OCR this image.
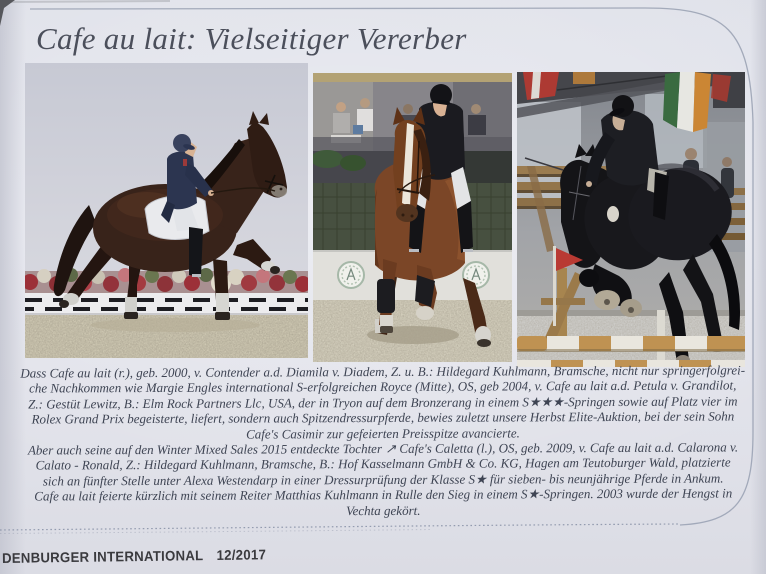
Cafe au lait: Vielseitiger Vererber
Dass Cafe au lait (r.), geb. 2000, v. Contender a.d. Diamila v. Diadem, Z. u. B.: Hildegard Kuhlmann, Bramsche, nicht nur springerfolgrei-
che Nachkommen wie Margie Engles international S-erfolgreichen Royce (Mitte), OS, geb 2004, v. Cafe au lait a.d. Petula v. Grandilot,
Z.: Gestüt Lewitz, B.: Elm Rock Partners Llc, USA, der in Tryon auf dem Bronzerang in einem S★★★-Springen sowie auf Platz vier im
Rolex Grand Prix begeisterte, liefert, sondern auch Spitzendressurpferde, bewies zuletzt unsere Herbst Elite-Auktion, bei der sein Sohn
Cafe's Casimir zur gefeierten Preisspitze avancierte.
Aber auch seine auf den Winter Mixed Sales 2015 entdeckte Tochter ↗ Cafe's Caletta (l.), OS, geb. 2009, v. Cafe au lait a.d. Calarona v.
Calato - Ronald, Z.: Hildegard Kuhlmann, Bramsche, B.: Hof Kasselmann GmbH & Co. KG, Hagen am Teutoburger Wald, platzierte
sich an fünfter Stelle unter Alexa Westendarp in einer Dressurprüfung der Klasse S★ für sieben- bis neunjährige Pferde in Ankum.
Cafe au lait feierte kürzlich mit seinem Reiter Matthias Kuhlmann in Rulle den Sieg in einem S★-Springen. 2003 wurde der Hengst in
Vechta gekört.
DENBURGER INTERNATIONAL 12/2017
